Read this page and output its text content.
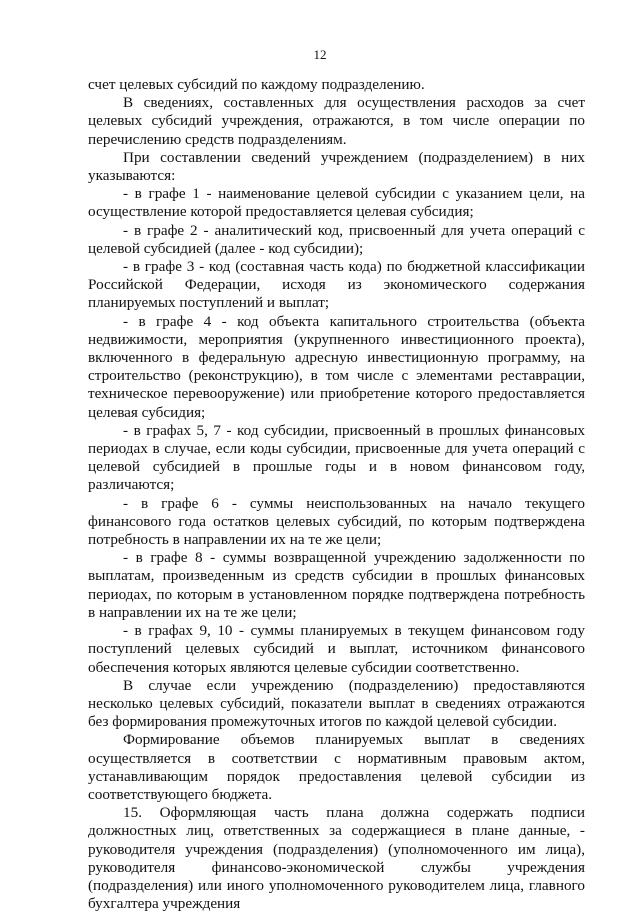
12

счет целевых субсидий по каждому подразделению.

В сведениях, составленных для осуществления расходов за счет целевых субсидий учреждения, отражаются, в том числе операции по перечислению средств подразделениям.

При составлении сведений учреждением (подразделением) в них указываются:

- в графе 1 - наименование целевой субсидии с указанием цели, на осуществление которой предоставляется целевая субсидия;

- в графе 2 - аналитический код, присвоенный для учета операций с целевой субсидией (далее - код субсидии);

- в графе 3 - код (составная часть кода) по бюджетной классификации Российской Федерации, исходя из экономического содержания планируемых поступлений и выплат;

- в графе 4 - код объекта капитального строительства (объекта недвижимости, мероприятия (укрупненного инвестиционного проекта), включенного в федеральную адресную инвестиционную программу, на строительство (реконструкцию), в том числе с элементами реставрации, техническое перевооружение) или приобретение которого предоставляется целевая субсидия;

- в графах 5, 7 - код субсидии, присвоенный в прошлых финансовых периодах в случае, если коды субсидии, присвоенные для учета операций с целевой субсидией в прошлые годы и в новом финансовом году, различаются;

- в графе 6 - суммы неиспользованных на начало текущего финансового года остатков целевых субсидий, по которым подтверждена потребность в направлении их на те же цели;

- в графе 8 - суммы возвращенной учреждению задолженности по выплатам, произведенным из средств субсидии в прошлых финансовых периодах, по которым в установленном порядке подтверждена потребность в направлении их на те же цели;

- в графах 9, 10 - суммы планируемых в текущем финансовом году поступлений целевых субсидий и выплат, источником финансового обеспечения которых являются целевые субсидии соответственно.

В случае если учреждению (подразделению) предоставляются несколько целевых субсидий, показатели выплат в сведениях отражаются без формирования промежуточных итогов по каждой целевой субсидии.

Формирование объемов планируемых выплат в сведениях осуществляется в соответствии с нормативным правовым актом, устанавливающим порядок предоставления целевой субсидии из соответствующего бюджета.

15. Оформляющая часть плана должна содержать подписи должностных лиц, ответственных за содержащиеся в плане данные, - руководителя учреждения (подразделения) (уполномоченного им лица), руководителя финансово-экономической службы учреждения (подразделения) или иного уполномоченного руководителем лица, главного бухгалтера учреждения
